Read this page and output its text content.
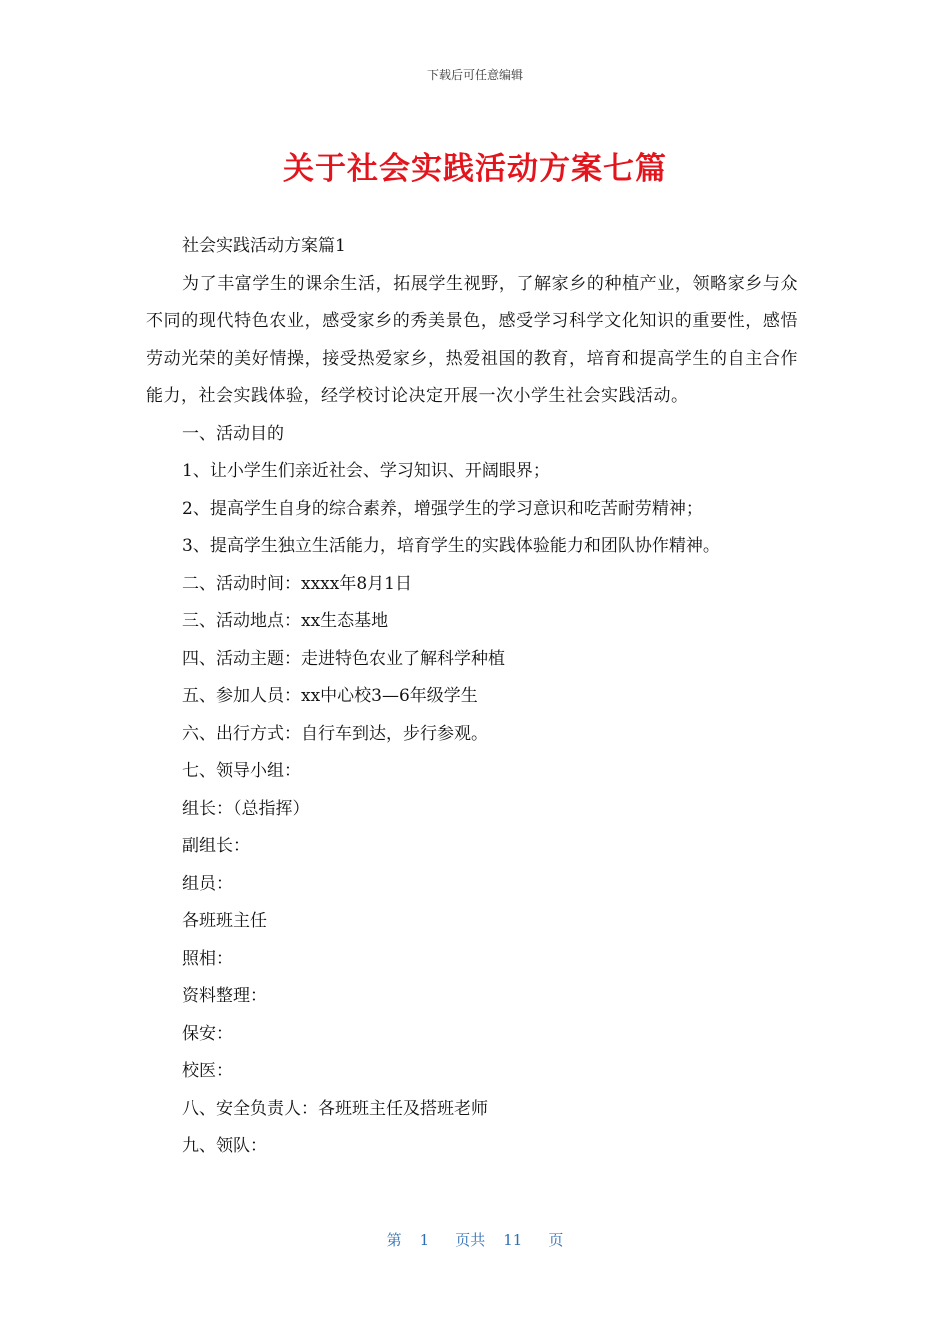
下载后可任意编辑
关于社会实践活动方案七篇

社会实践活动方案篇1

为了丰富学生的课余生活，拓展学生视野，了解家乡的种植产业，领略家乡与众不同的现代特色农业，感受家乡的秀美景色，感受学习科学文化知识的重要性，感悟劳动光荣的美好情操，接受热爱家乡，热爱祖国的教育，培育和提高学生的自主合作能力，社会实践体验，经学校讨论决定开展一次小学生社会实践活动。

一、活动目的

1、让小学生们亲近社会、学习知识、开阔眼界；

2、提高学生自身的综合素养，增强学生的学习意识和吃苦耐劳精神；

3、提高学生独立生活能力，培育学生的实践体验能力和团队协作精神。

二、活动时间：xxxx年8月1日

三、活动地点：xx生态基地

四、活动主题：走进特色农业了解科学种植

五、参加人员：xx中心校3—6年级学生

六、出行方式：自行车到达，步行参观。

七、领导小组：

组长：（总指挥）

副组长：

组员：

各班班主任

照相：

资料整理：

保安：

校医：

八、安全负责人：各班班主任及搭班老师

九、领队：

第 1 页共 11 页
